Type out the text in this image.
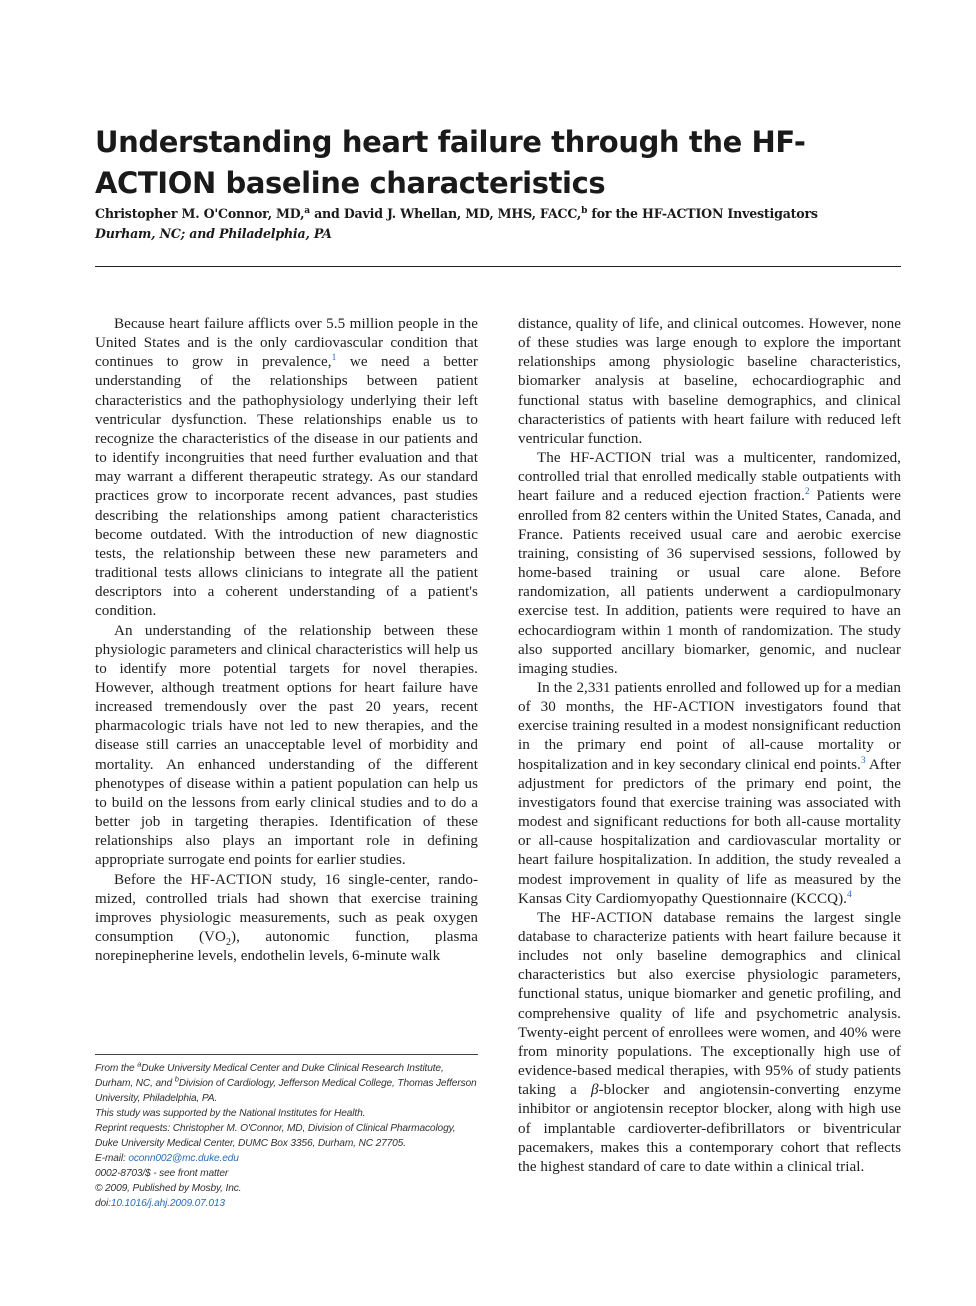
Understanding heart failure through the HF-ACTION baseline characteristics
Christopher M. O'Connor, MD,$^a$ and David J. Whellan, MD, MHS, FACC,$^b$ for the HF-ACTION Investigators
Durham, NC; and Philadelphia, PA

Because heart failure afflicts over 5.5 million people in the United States and is the only cardiovascular condition that continues to grow in prevalence,$^1$ we need a better understanding of the relationships between patient characteristics and the pathophysiology underlying their left ventricular dysfunction. These relationships enable us to recognize the characteristics of the disease in our patients and to identify incongruities that need further evaluation and that may warrant a different therapeutic strategy. As our standard practices grow to incorporate recent advances, past studies describing the relationships among patient characteristics become outdated. With the introduction of new diagnostic tests, the relationship between these new parameters and traditional tests allows clinicians to integrate all the patient descriptors into a coherent understanding of a patient's condition.

An understanding of the relationship between these physiologic parameters and clinical characteristics will help us to identify more potential targets for novel therapies. However, although treatment options for heart failure have increased tremendously over the past 20 years, recent pharmacologic trials have not led to new therapies, and the disease still carries an unacceptable level of morbidity and mortality. An enhanced understanding of the different phenotypes of disease within a patient population can help us to build on the lessons from early clinical studies and to do a better job in targeting therapies. Identification of these relationships also plays an important role in defining appropriate surrogate end points for earlier studies.

Before the HF-ACTION study, 16 single-center, randomized, controlled trials had shown that exercise training improves physiologic measurements, such as peak oxygen consumption $(VO_2)$, autonomic function, plasma norepinepherine levels, endothelin levels, 6-minute walk

distance, quality of life, and clinical outcomes. However, none of these studies was large enough to explore the important relationships among physiologic baseline characteristics, biomarker analysis at baseline, echocardiographic and functional status with baseline demographics, and clinical characteristics of patients with heart failure with reduced left ventricular function.

The HF-ACTION trial was a multicenter, randomized, controlled trial that enrolled medically stable outpatients with heart failure and a reduced ejection fraction.$^2$ Patients were enrolled from 82 centers within the United States, Canada, and France. Patients received usual care and aerobic exercise training, consisting of 36 supervised sessions, followed by home-based training or usual care alone. Before randomization, all patients underwent a cardiopulmonary exercise test. In addition, patients were required to have an echocardiogram within 1 month of randomization. The study also supported ancillary biomarker, genomic, and nuclear imaging studies.

In the 2,331 patients enrolled and followed up for a median of 30 months, the HF-ACTION investigators found that exercise training resulted in a modest nonsignificant reduction in the primary end point of all-cause mortality or hospitalization and in key secondary clinical end points.$^3$ After adjustment for predictors of the primary end point, the investigators found that exercise training was associated with modest and significant reductions for both all-cause mortality or all-cause hospitalization and cardiovascular mortality or heart failure hospitalization. In addition, the study revealed a modest improvement in quality of life as measured by the Kansas City Cardiomyopathy Questionnaire (KCCQ).$^4$

The HF-ACTION database remains the largest single database to characterize patients with heart failure because it includes not only baseline demographics and clinical characteristics but also exercise physiologic parameters, functional status, unique biomarker and genetic profiling, and comprehensive quality of life and psychometric analysis. Twenty-eight percent of enrollees were women, and 40% were from minority populations. The exceptionally high use of evidence-based medical therapies, with 95% of study patients taking a β-blocker and angiotensin-converting enzyme inhibitor or angiotensin receptor blocker, along with high use of implantable cardioverter-defibrillators or biventricular pacemakers, makes this a contemporary cohort that reflects the highest standard of care to date within a clinical trial.

From the $^a$Duke University Medical Center and Duke Clinical Research Institute, Durham, NC, and $^b$Division of Cardiology, Jefferson Medical College, Thomas Jefferson University, Philadelphia, PA.

This study was supported by the National Institutes for Health.

Reprint requests: Christopher M. O'Connor, MD, Division of Clinical Pharmacology, Duke University Medical Center, DUMC Box 3356, Durham, NC 27705.

E-mail: oconn002@mc.duke.edu

0002-8703/$ - see front matter

© 2009, Published by Mosby, Inc.

doi:10.1016/j.ahj.2009.07.013
